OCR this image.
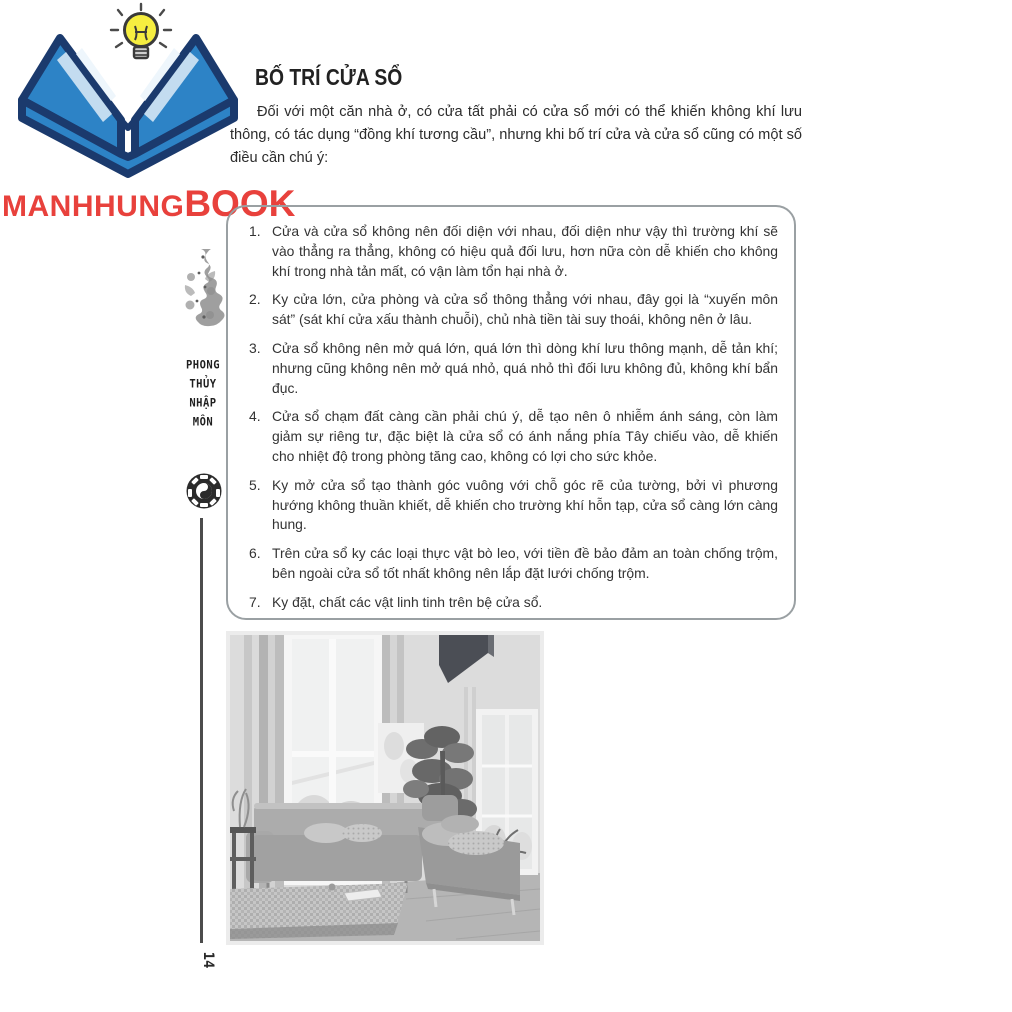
MANHHUNG BOOK
BỐ TRÍ CỬA SỔ
Đối với một căn nhà ở, có cửa tất phải có cửa sổ mới có thể khiến không khí lưu thông, có tác dụng “đồng khí tương cầu”, nhưng khi bố trí cửa và cửa sổ cũng có một số điều cần chú ý:
1. Cửa và cửa sổ không nên đối diện với nhau, đối diện như vậy thì trường khí sẽ vào thẳng ra thẳng, không có hiệu quả đối lưu, hơn nữa còn dễ khiến cho không khí trong nhà tản mất, có vận làm tổn hại nhà ở.
2. Ky cửa lớn, cửa phòng và cửa sổ thông thẳng với nhau, đây gọi là “xuyến môn sát” (sát khí cửa xấu thành chuỗi), chủ nhà tiền tài suy thoái, không nên ở lâu.
3. Cửa sổ không nên mở quá lớn, quá lớn thì dòng khí lưu thông mạnh, dễ tản khí; nhưng cũng không nên mở quá nhỏ, quá nhỏ thì đối lưu không đủ, không khí bẩn đục.
4. Cửa sổ chạm đất càng cần phải chú ý, dễ tạo nên ô nhiễm ánh sáng, còn làm giảm sự riêng tư, đặc biệt là cửa sổ có ánh nắng phía Tây chiếu vào, dễ khiến cho nhiệt độ trong phòng tăng cao, không có lợi cho sức khỏe.
5. Ky mở cửa sổ tạo thành góc vuông với chỗ góc rẽ của tường, bởi vì phương hướng không thuần khiết, dễ khiến cho trường khí hỗn tạp, cửa sổ càng lớn càng hung.
6. Trên cửa sổ ky các loại thực vật bò leo, với tiền đề bảo đảm an toàn chống trộm, bên ngoài cửa sổ tốt nhất không nên lắp đặt lưới chống trộm.
7. Ky đặt, chất các vật linh tinh trên bệ cửa sổ.
PHONG
THỦY
NHẬP
MÔN
14
